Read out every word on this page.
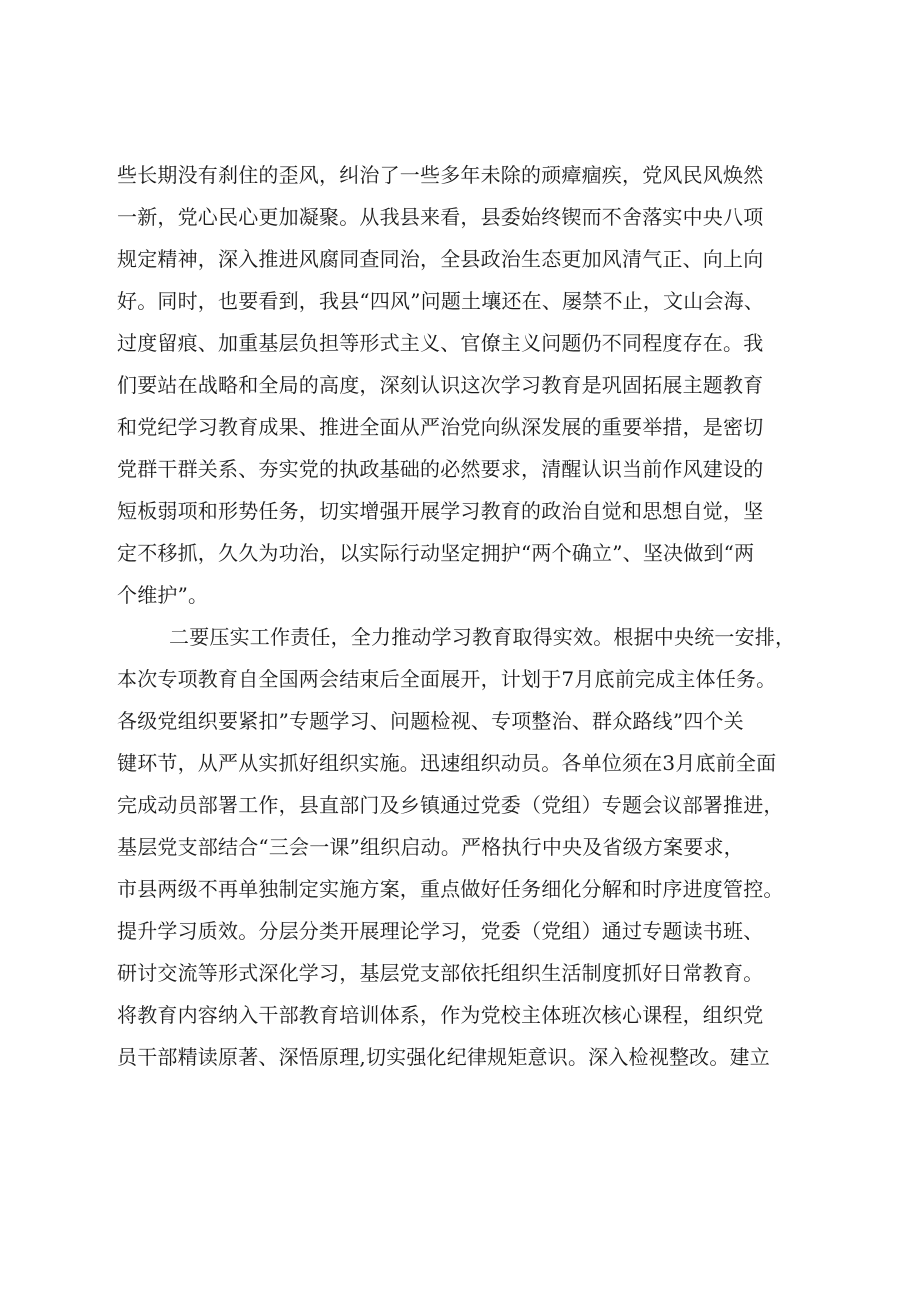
些长期没有刹住的歪风，纠治了一些多年未除的顽瘴痼疾，党风民风焕然
一新，党心民心更加凝聚。从我县来看，县委始终锲而不舍落实中央八项
规定精神，深入推进风腐同查同治，全县政治生态更加风清气正、向上向
好。同时，也要看到，我县“四风”问题土壤还在、屡禁不止，文山会海、
过度留痕、加重基层负担等形式主义、官僚主义问题仍不同程度存在。我
们要站在战略和全局的高度，深刻认识这次学习教育是巩固拓展主题教育
和党纪学习教育成果、推进全面从严治党向纵深发展的重要举措，是密切
党群干群关系、夯实党的执政基础的必然要求，清醒认识当前作风建设的
短板弱项和形势任务，切实增强开展学习教育的政治自觉和思想自觉，坚
定不移抓，久久为功治，以实际行动坚定拥护“两个确立”、坚决做到“两
个维护”。
二要压实工作责任，全力推动学习教育取得实效。根据中央统一安排，
本次专项教育自全国两会结束后全面展开，计划于7月底前完成主体任务。
各级党组织要紧扣”专题学习、问题检视、专项整治、群众路线”四个关
键环节，从严从实抓好组织实施。迅速组织动员。各单位须在3月底前全面
完成动员部署工作，县直部门及乡镇通过党委（党组）专题会议部署推进，
基层党支部结合“三会一课”组织启动。严格执行中央及省级方案要求，
市县两级不再单独制定实施方案，重点做好任务细化分解和时序进度管控。
提升学习质效。分层分类开展理论学习，党委（党组）通过专题读书班、
研讨交流等形式深化学习，基层党支部依托组织生活制度抓好日常教育。
将教育内容纳入干部教育培训体系，作为党校主体班次核心课程，组织党
员干部精读原著、深悟原理,切实强化纪律规矩意识。深入检视整改。建立
